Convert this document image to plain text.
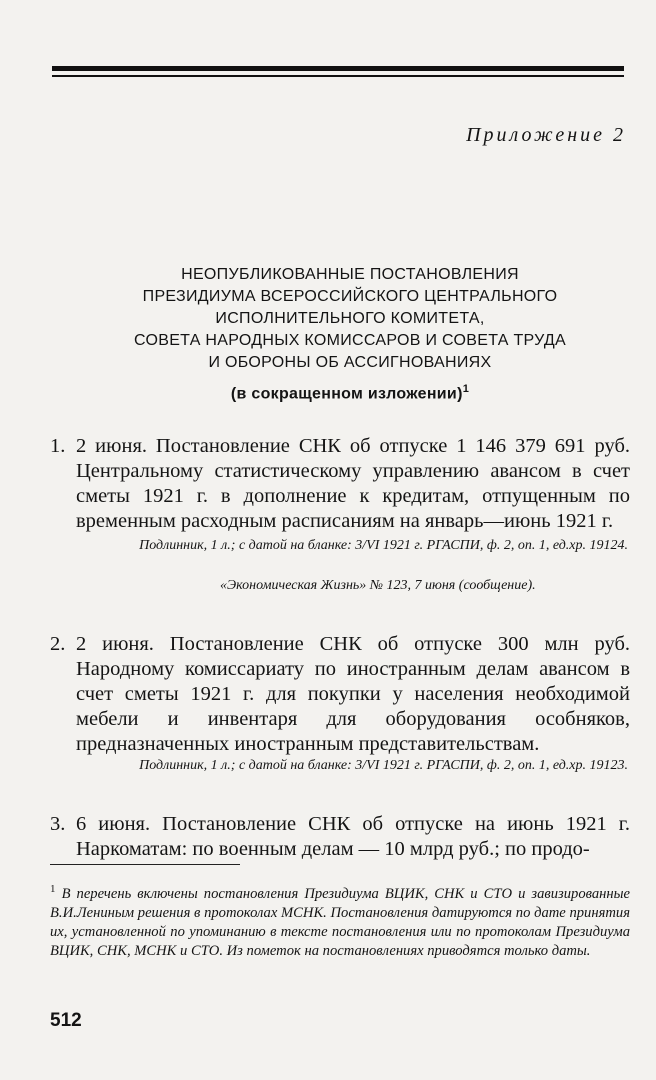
Приложение 2
НЕОПУБЛИКОВАННЫЕ ПОСТАНОВЛЕНИЯ
ПРЕЗИДИУМА ВСЕРОССИЙСКОГО ЦЕНТРАЛЬНОГО
ИСПОЛНИТЕЛЬНОГО КОМИТЕТА,
СОВЕТА НАРОДНЫХ КОМИССАРОВ И СОВЕТА ТРУДА
И ОБОРОНЫ ОБ АССИГНОВАНИЯХ
(в сокращенном изложении)$^1$
1. 2 июня. Постановление СНК об отпуске 1 146 379 691 руб. Центральному статистическому управлению авансом в счет сметы 1921 г. в дополнение к кредитам, отпущенным по временным расходным расписаниям на январь—июнь 1921 г.
Подлинник, 1 л.; с датой на бланке: 3/VI 1921 г. РГАСПИ, ф. 2, оп. 1, ед.хр. 19124.
«Экономическая Жизнь» № 123, 7 июня (сообщение).
2. 2 июня. Постановление СНК об отпуске 300 млн руб. Народному комиссариату по иностранным делам авансом в счет сметы 1921 г. для покупки у населения необходимой мебели и инвентаря для оборудования особняков, предназначенных иностранным представительствам.
Подлинник, 1 л.; с датой на бланке: 3/VI 1921 г. РГАСПИ, ф. 2, оп. 1, ед.хр. 19123.
3. 6 июня. Постановление СНК об отпуске на июнь 1921 г. Наркоматам: по военным делам — 10 млрд руб.; по продо-
$^1$ В перечень включены постановления Президиума ВЦИК, СНК и СТО и завизированные В.И.Лениным решения в протоколах МСНК. Постановления датируются по дате принятия их, установленной по упоминанию в тексте постановления или по протоколам Президиума ВЦИК, СНК, МСНК и СТО. Из пометок на постановлениях приводятся только даты.
512
